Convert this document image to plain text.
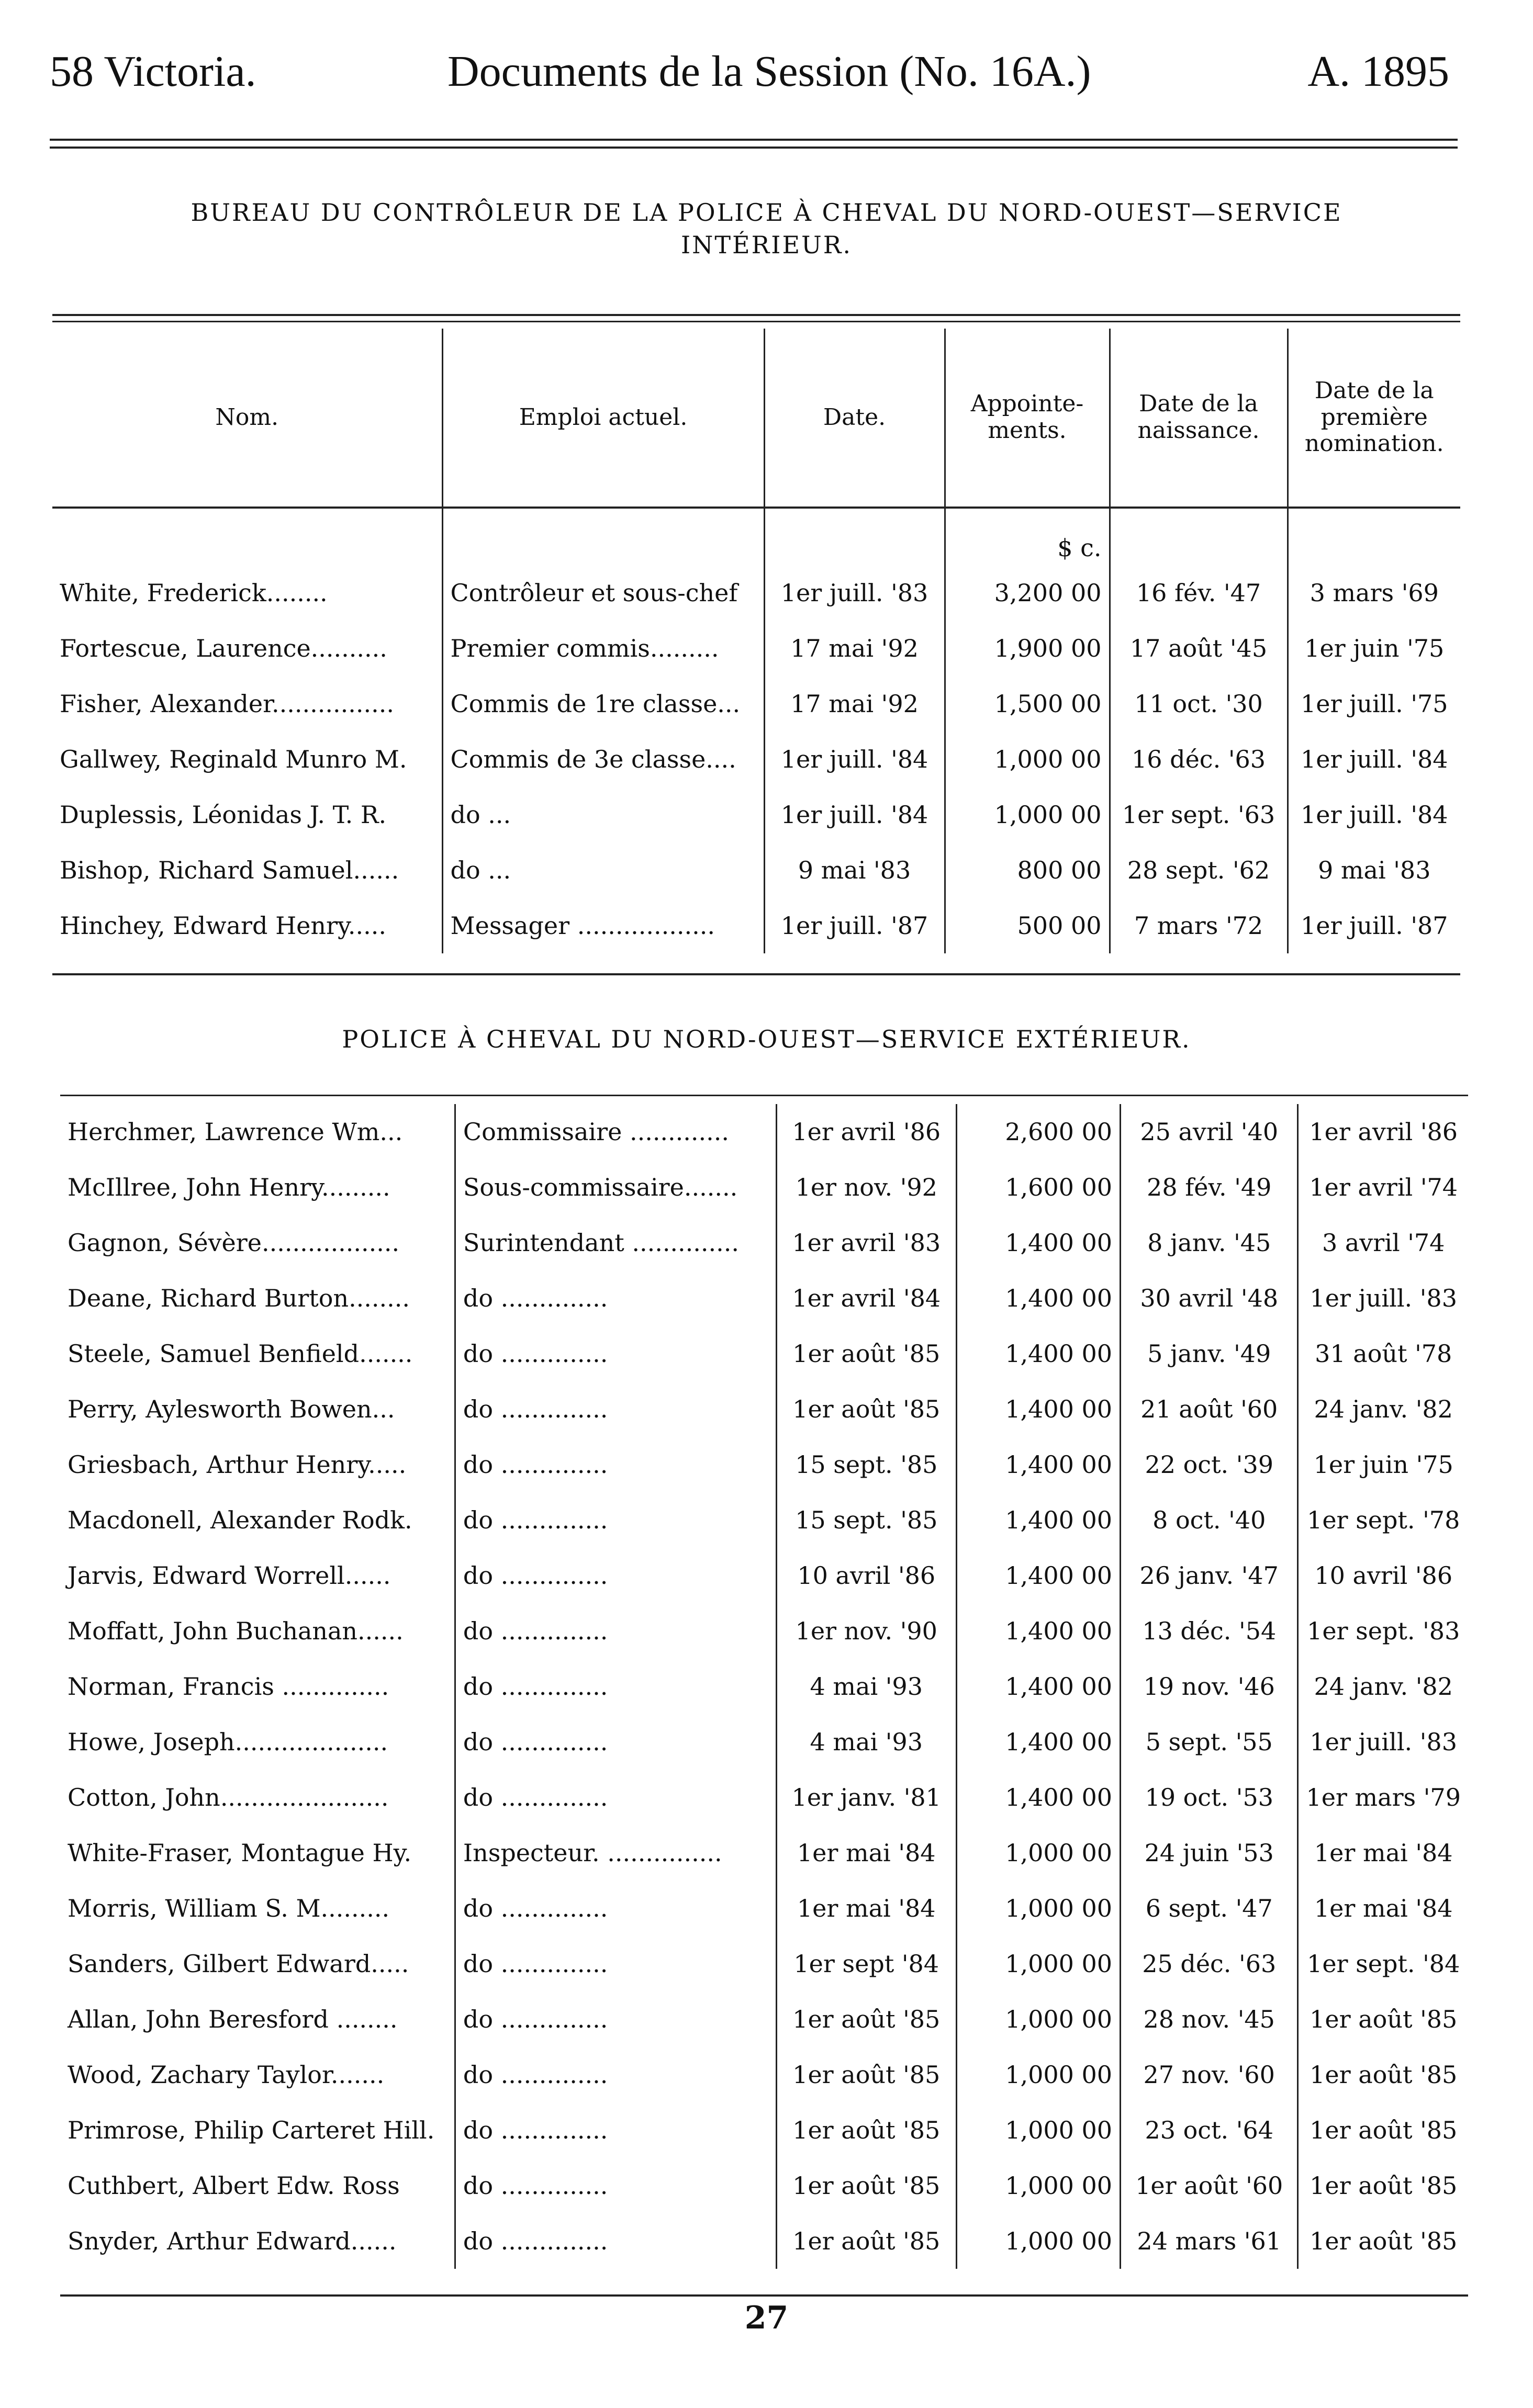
58 Victoria.	Documents de la Session (No. 16A.)	A. 1895
BUREAU DU CONTRÔLEUR DE LA POLICE À CHEVAL DU NORD-OUEST—SERVICE
INTÉRIEUR.
Nom.	Emploi actuel.	Date.	Appointe-ments.	Date de la naissance.	Date de la première nomination.
			$ c.		
White, Frederick........	Contrôleur et sous-chef	1er juill. '83	3,200 00	16 fév. '47	3 mars '69
Fortescue, Laurence..........	Premier commis.........	17 mai '92	1,900 00	17 août '45	1er juin '75
Fisher, Alexander................	Commis de 1re classe...	17 mai '92	1,500 00	11 oct. '30	1er juill. '75
Gallwey, Reginald Munro M.	Commis de 3e classe....	1er juill. '84	1,000 00	16 déc. '63	1er juill. '84
Duplessis, Léonidas J. T. R.	do ...	1er juill. '84	1,000 00	1er sept. '63	1er juill. '84
Bishop, Richard Samuel......	do ...	9 mai '83	800 00	28 sept. '62	9 mai '83
Hinchey, Edward Henry.....	Messager ..................	1er juill. '87	500 00	7 mars '72	1er juill. '87
POLICE À CHEVAL DU NORD-OUEST—SERVICE EXTÉRIEUR.
Herchmer, Lawrence Wm...	Commissaire .............	1er avril '86	2,600 00	25 avril '40	1er avril '86
McIllree, John Henry.........	Sous-commissaire.......	1er nov. '92	1,600 00	28 fév. '49	1er avril '74
Gagnon, Sévère..................	Surintendant ..............	1er avril '83	1,400 00	8 janv. '45	3 avril '74
Deane, Richard Burton........	do ..............	1er avril '84	1,400 00	30 avril '48	1er juill. '83
Steele, Samuel Benfield.......	do ..............	1er août '85	1,400 00	5 janv. '49	31 août '78
Perry, Aylesworth Bowen...	do ..............	1er août '85	1,400 00	21 août '60	24 janv. '82
Griesbach, Arthur Henry.....	do ..............	15 sept. '85	1,400 00	22 oct. '39	1er juin '75
Macdonell, Alexander Rodk.	do ..............	15 sept. '85	1,400 00	8 oct. '40	1er sept. '78
Jarvis, Edward Worrell......	do ..............	10 avril '86	1,400 00	26 janv. '47	10 avril '86
Moffatt, John Buchanan......	do ..............	1er nov. '90	1,400 00	13 déc. '54	1er sept. '83
Norman, Francis ..............	do ..............	4 mai '93	1,400 00	19 nov. '46	24 janv. '82
Howe, Joseph....................	do ..............	4 mai '93	1,400 00	5 sept. '55	1er juill. '83
Cotton, John......................	do ..............	1er janv. '81	1,400 00	19 oct. '53	1er mars '79
White-Fraser, Montague Hy.	Inspecteur. ...............	1er mai '84	1,000 00	24 juin '53	1er mai '84
Morris, William S. M.........	do ..............	1er mai '84	1,000 00	6 sept. '47	1er mai '84
Sanders, Gilbert Edward.....	do ..............	1er sept '84	1,000 00	25 déc. '63	1er sept. '84
Allan, John Beresford ........	do ..............	1er août '85	1,000 00	28 nov. '45	1er août '85
Wood, Zachary Taylor.......	do ..............	1er août '85	1,000 00	27 nov. '60	1er août '85
Primrose, Philip Carteret Hill.	do ..............	1er août '85	1,000 00	23 oct. '64	1er août '85
Cuthbert, Albert Edw. Ross	do ..............	1er août '85	1,000 00	1er août '60	1er août '85
Snyder, Arthur Edward......	do ..............	1er août '85	1,000 00	24 mars '61	1er août '85
27
